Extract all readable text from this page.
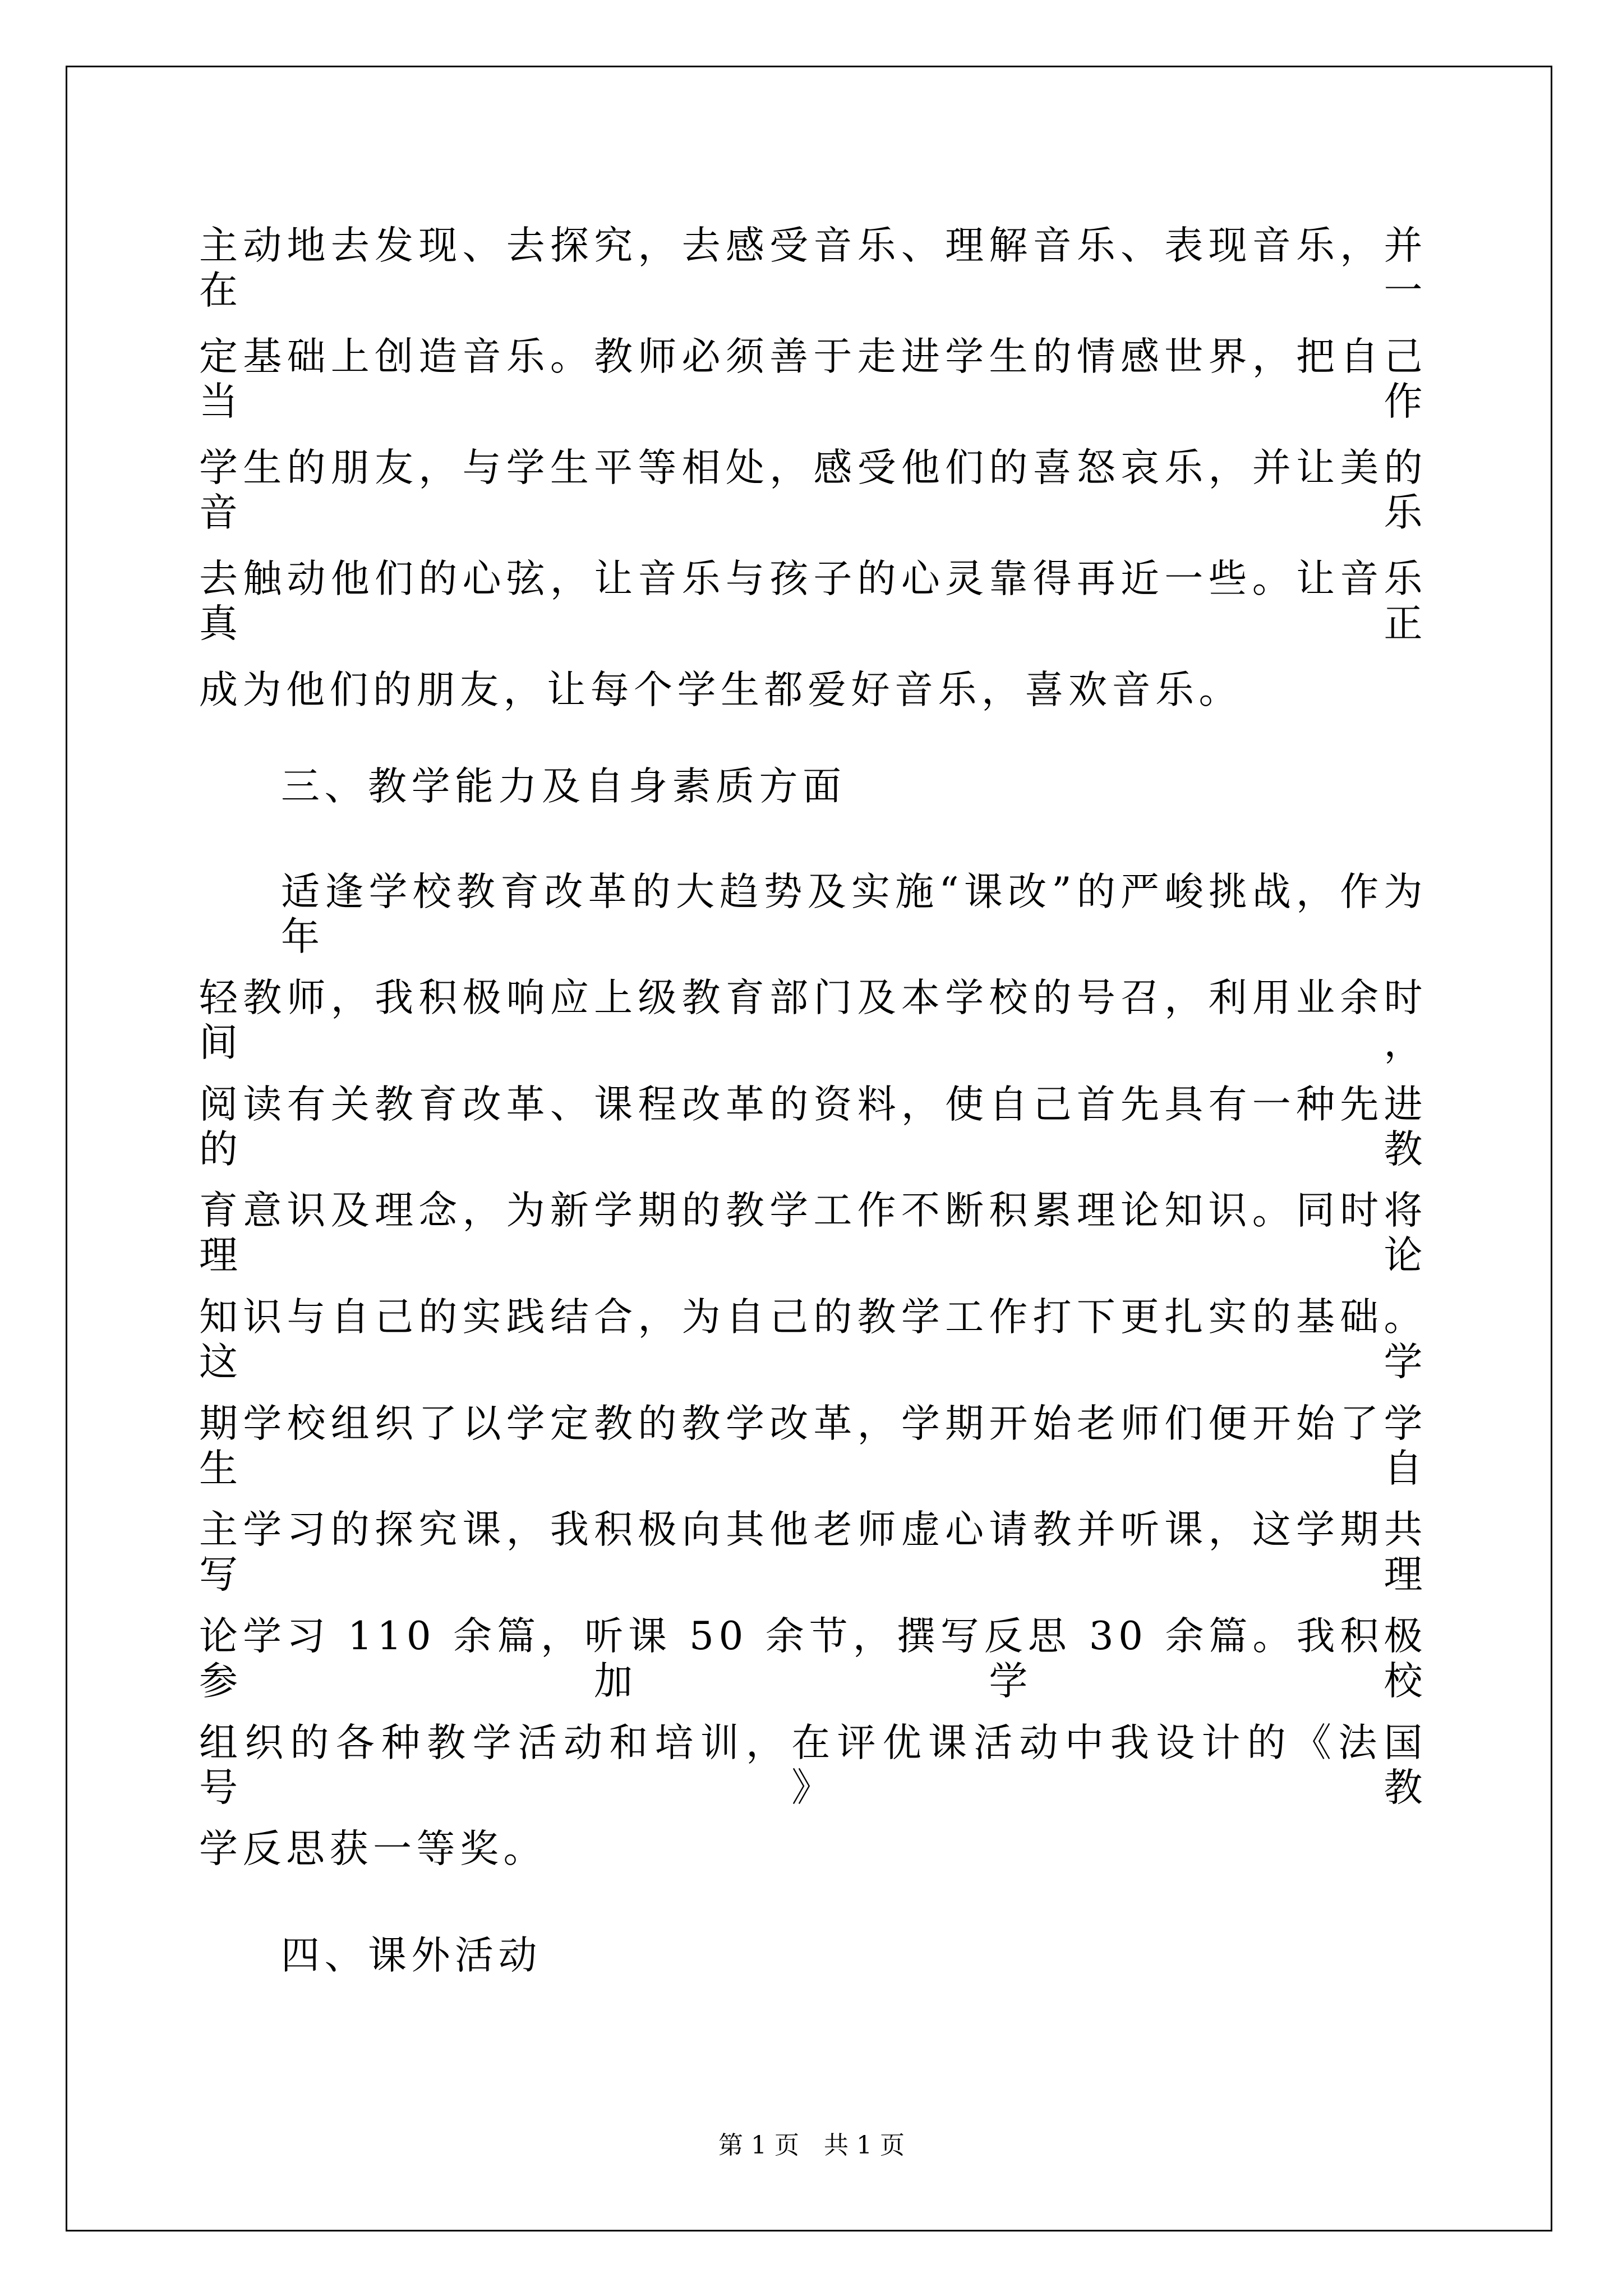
主动地去发现、去探究，去感受音乐、理解音乐、表现音乐，并在一
定基础上创造音乐。教师必须善于走进学生的情感世界，把自己当作
学生的朋友，与学生平等相处，感受他们的喜怒哀乐，并让美的音乐
去触动他们的心弦，让音乐与孩子的心灵靠得再近一些。让音乐真正
成为他们的朋友，让每个学生都爱好音乐，喜欢音乐。
三、教学能力及自身素质方面
适逢学校教育改革的大趋势及实施“课改”的严峻挑战，作为年
轻教师，我积极响应上级教育部门及本学校的号召，利用业余时间，
阅读有关教育改革、课程改革的资料，使自己首先具有一种先进的教
育意识及理念，为新学期的教学工作不断积累理论知识。同时将理论
知识与自己的实践结合，为自己的教学工作打下更扎实的基础。这学
期学校组织了以学定教的教学改革，学期开始老师们便开始了学生自
主学习的探究课，我积极向其他老师虚心请教并听课，这学期共写理
论学习 110 余篇，听课 50 余节，撰写反思 30 余篇。我积极参加学校
组织的各种教学活动和培训，在评优课活动中我设计的《法国号》教
学反思获一等奖。
四、课外活动
第 1 页　共 1 页
